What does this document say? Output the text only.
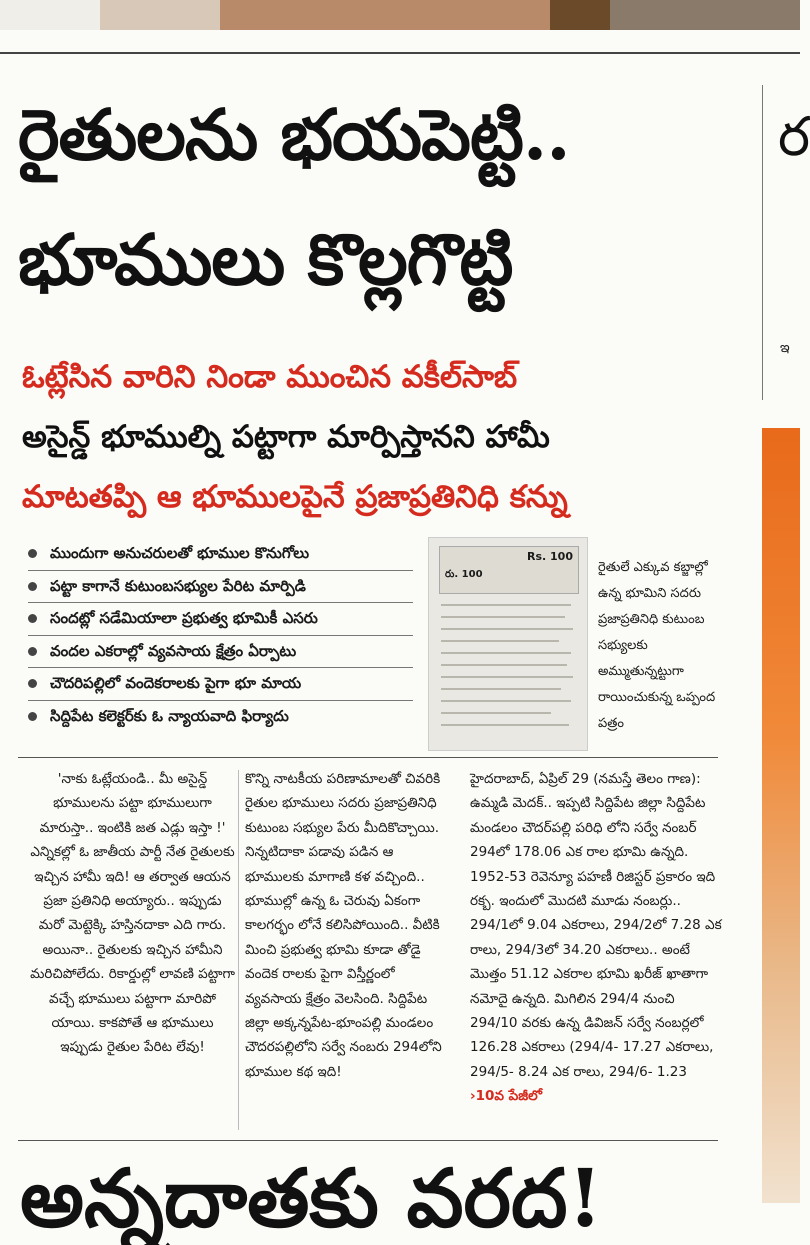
ర
ఇ
రైతులను భయపెట్టి..
భూములు కొల్లగొట్టి
ఓట్లేసిన వారిని నిండా ముంచిన వకీల్‌సాబ్
అసైన్డ్ భూముల్ని పట్టాగా మార్పిస్తానని హామీ
మాటతప్పి ఆ భూములపైనే ప్రజాప్రతినిధి కన్ను
ముందుగా అనుచరులతో భూముల కొనుగోలు
పట్టా కాగానే కుటుంబసభ్యుల పేరిట మార్పిడి
సందట్లో సడేమియాలా ప్రభుత్వ భూమికీ ఎసరు
వందల ఎకరాల్లో వ్యవసాయ క్షేత్రం ఏర్పాటు
చౌదరిపల్లిలో వందెకరాలకు పైగా భూ మాయ
సిద్దిపేట కలెక్టర్‌కు ఓ న్యాయవాది ఫిర్యాదు
Rs. 100
రు. 100	రైతులే ఎక్కువ కబ్జాల్లో ఉన్న భూమిని సదరు ప్రజాప్రతినిధి కుటుంబ సభ్యులకు అమ్ముతున్నట్టుగా రాయించుకున్న ఒప్పంద పత్రం
'నాకు ఓట్లేయండి.. మీ అసైన్డ్ భూములను పట్టా భూములుగా మారుస్తా.. ఇంటికి జత ఎడ్లు ఇస్తా !' ఎన్నికల్లో ఓ జాతీయ పార్టీ నేత రైతులకు ఇచ్చిన హామీ ఇది! ఆ తర్వాత ఆయన ప్రజా ప్రతినిధి అయ్యారు.. ఇప్పుడు మరో మెట్టెక్కి హస్తినదాకా ఎది గారు. అయినా.. రైతులకు ఇచ్చిన హామీని మరిచిపోలేదు. రికార్డుల్లో లావణి పట్టాగా వచ్చే భూములు పట్టాగా మారిపో యాయి. కాకపోతే ఆ భూములు ఇప్పుడు రైతుల పేరిట లేవు!
కొన్ని నాటకీయ పరిణామాలతో చివరికి రైతుల భూములు సదరు ప్రజాప్రతినిధి కుటుంబ సభ్యుల పేరు మీదికొచ్చాయి. నిన్నటిదాకా పడావు పడిన ఆ భూములకు మాగాణి కళ వచ్చింది.. భూముల్లో ఉన్న ఓ చెరువు ఏకంగా కాలగర్భం లోనే కలిసిపోయింది.. వీటికి మించి ప్రభుత్వ భూమి కూడా తోడై వందెక రాలకు పైగా విస్తీర్ణంలో వ్యవసాయ క్షేత్రం వెలసింది. సిద్దిపేట జిల్లా అక్కన్నపేట-భూంపల్లి మండలం చౌదరపల్లిలోని సర్వే నంబరు 294లోని భూముల కథ ఇది!
హైదరాబాద్, ఏప్రిల్ 29 (నమస్తే తెలం గాణ): ఉమ్మడి మెదక్.. ఇప్పటి సిద్దిపేట జిల్లా సిద్దిపేట మండలం చౌదర్‌పల్లి పరిధి లోని సర్వే నంబర్ 294లో 178.06 ఎక రాల భూమి ఉన్నది. 1952-53 రెవెన్యూ పహణీ రిజిస్టర్ ప్రకారం ఇది రక్బ. ఇందులో మొదటి మూడు నంబర్లు.. 294/1లో 9.04 ఎకరాలు, 294/2లో 7.28 ఎక రాలు, 294/3లో 34.20 ఎకరాలు.. అంటే మొత్తం 51.12 ఎకరాల భూమి ఖరీజ్ ఖాతాగా నమోదై ఉన్నది. మిగిలిన 294/4 నుంచి 294/10 వరకు ఉన్న డివిజన్ సర్వే నంబర్లలో 126.28 ఎకరాలు (294/4- 17.27 ఎకరాలు, 294/5- 8.24 ఎక రాలు, 294/6- 1.23 ›10వ పేజీలో
అన్నదాతకు వరద!
